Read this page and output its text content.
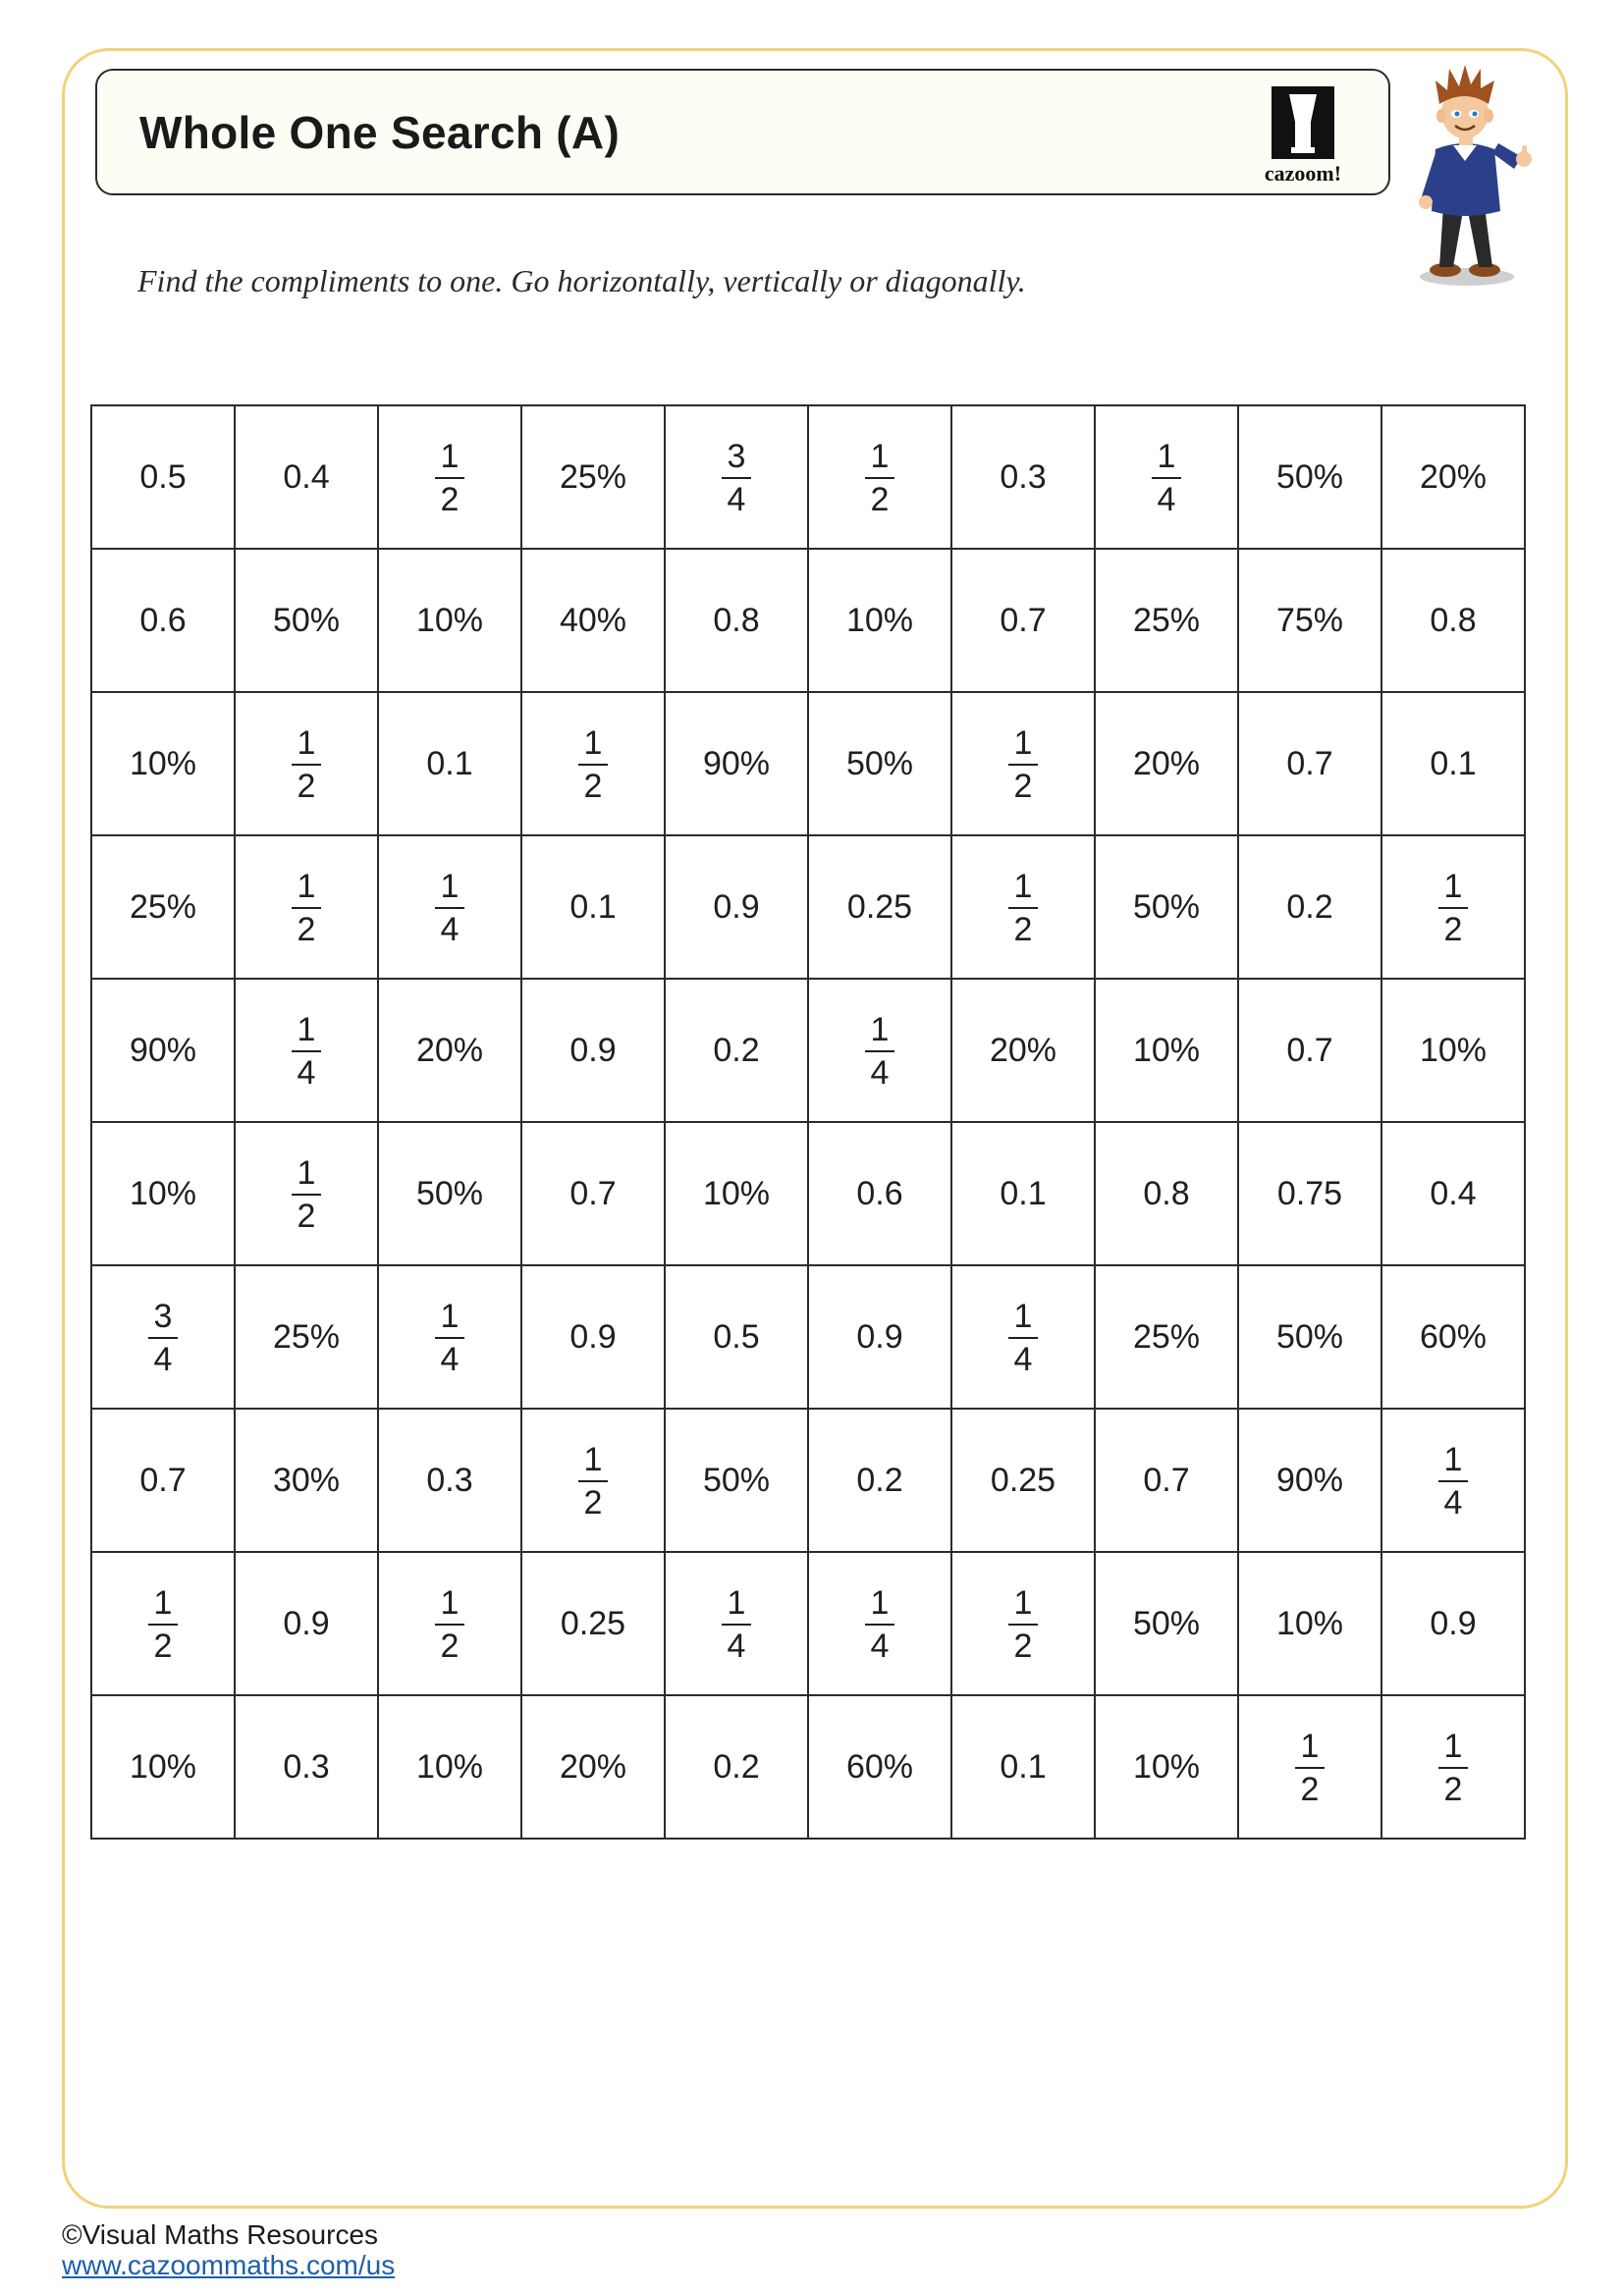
Whole One Search (A)
cazoom!
Find the compliments to one. Go horizontally, vertically or diagonally.
0.5	0.4	$\frac{1}{2}$	25%	$\frac{3}{4}$	$\frac{1}{2}$	0.3	$\frac{1}{4}$	50%	20%
0.6	50%	10%	40%	0.8	10%	0.7	25%	75%	0.8
10%	$\frac{1}{2}$	0.1	$\frac{1}{2}$	90%	50%	$\frac{1}{2}$	20%	0.7	0.1
25%	$\frac{1}{2}$	$\frac{1}{4}$	0.1	0.9	0.25	$\frac{1}{2}$	50%	0.2	$\frac{1}{2}$

90%	$\frac{1}{4}$	20%	0.9	0.2	$\frac{1}{4}$	20%	10%	0.7	10%
10%	$\frac{1}{2}$	50%	0.7	10%	0.6	0.1	0.8	0.75	0.4

$\frac{3}{4}$	25%	$\frac{1}{4}$	0.9	0.5	0.9	$\frac{1}{4}$	25%	50%	60%
0.7	30%	0.3	$\frac{1}{2}$	50%	0.2	0.25	0.7	90%	$\frac{1}{4}$

$\frac{1}{2}$	0.9	$\frac{1}{2}$	0.25	$\frac{1}{4}$	$\frac{1}{4}$	$\frac{1}{2}$	50%	10%	0.9
10%	0.3	10%	20%	0.2	60%	0.1	10%	$\frac{1}{2}$	$\frac{1}{2}$
©Visual Maths Resources
www.cazoommaths.com/us
